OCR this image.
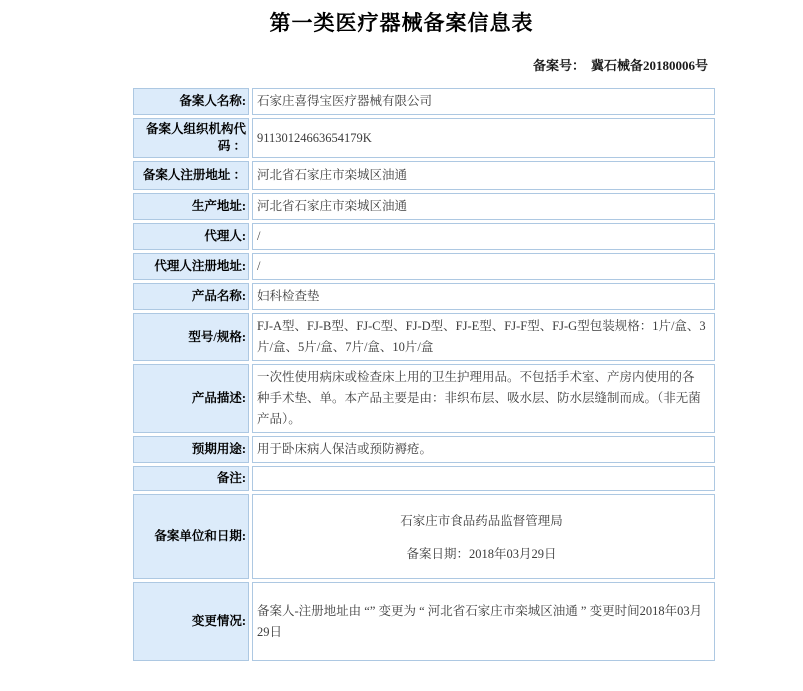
第一类医疗器械备案信息表
备案号： 冀石械备20180006号
备案人名称:	石家庄喜得宝医疗器械有限公司
备案人组织机构代码 ：	91130124663654179K
备案人注册地址 ：	河北省石家庄市栾城区油通
生产地址:	河北省石家庄市栾城区油通
代理人:	/
代理人注册地址:	/
产品名称:	妇科检查垫
型号/规格:	FJ-A型、FJ-B型、FJ-C型、FJ-D型、FJ-E型、FJ-F型、FJ-G型包装规格：1片/盒、3片/盒、5片/盒、7片/盒、10片/盒
产品描述:	一次性使用病床或检查床上用的卫生护理用品。不包括手术室、产房内使用的各种手术垫、单。本产品主要是由：非织布层、吸水层、防水层缝制而成。（非无菌产品）。
预期用途:	用于卧床病人保洁或预防褥疮。
备注:	
备案单位和日期:	石家庄市食品药品监督管理局
备案日期：2018年03月29日

变更情况:	备案人-注册地址由 “” 变更为 “ 河北省石家庄市栾城区油通 ” 变更时间2018年03月29日
